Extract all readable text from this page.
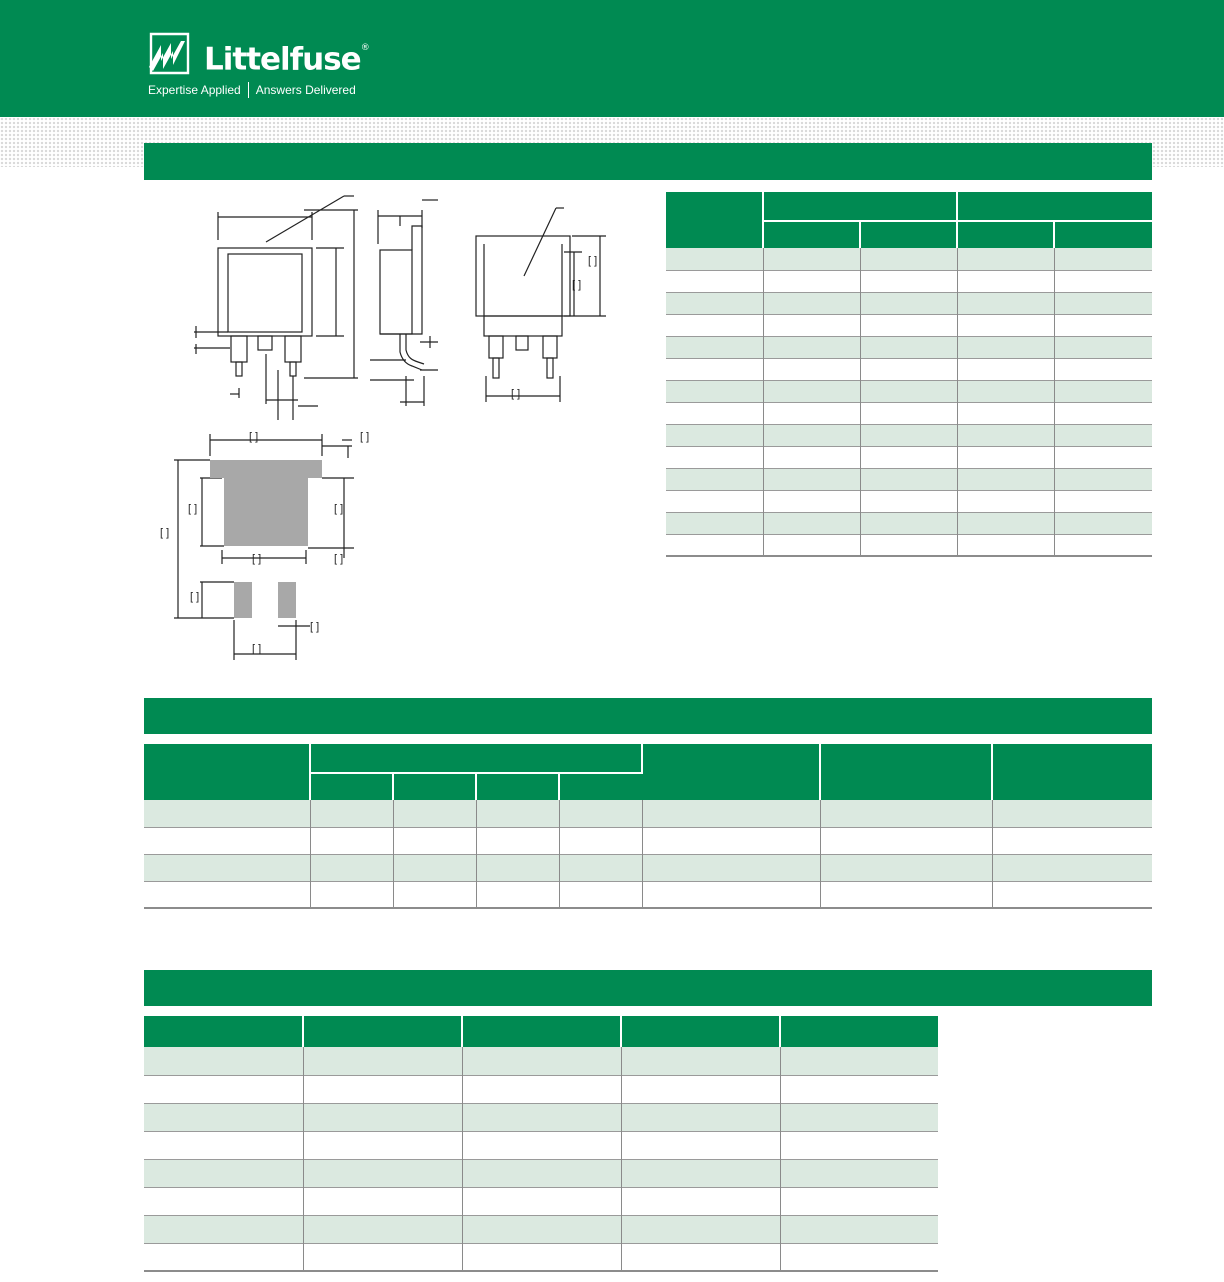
Littelfuse®
Expertise Applied Answers Delivered
[ ]
[ ]
[ ]
[ ]	[ ]
[ ]
[ ]
[ ]
[ ]	[ ]
[ ]
[ ]
[ ]
